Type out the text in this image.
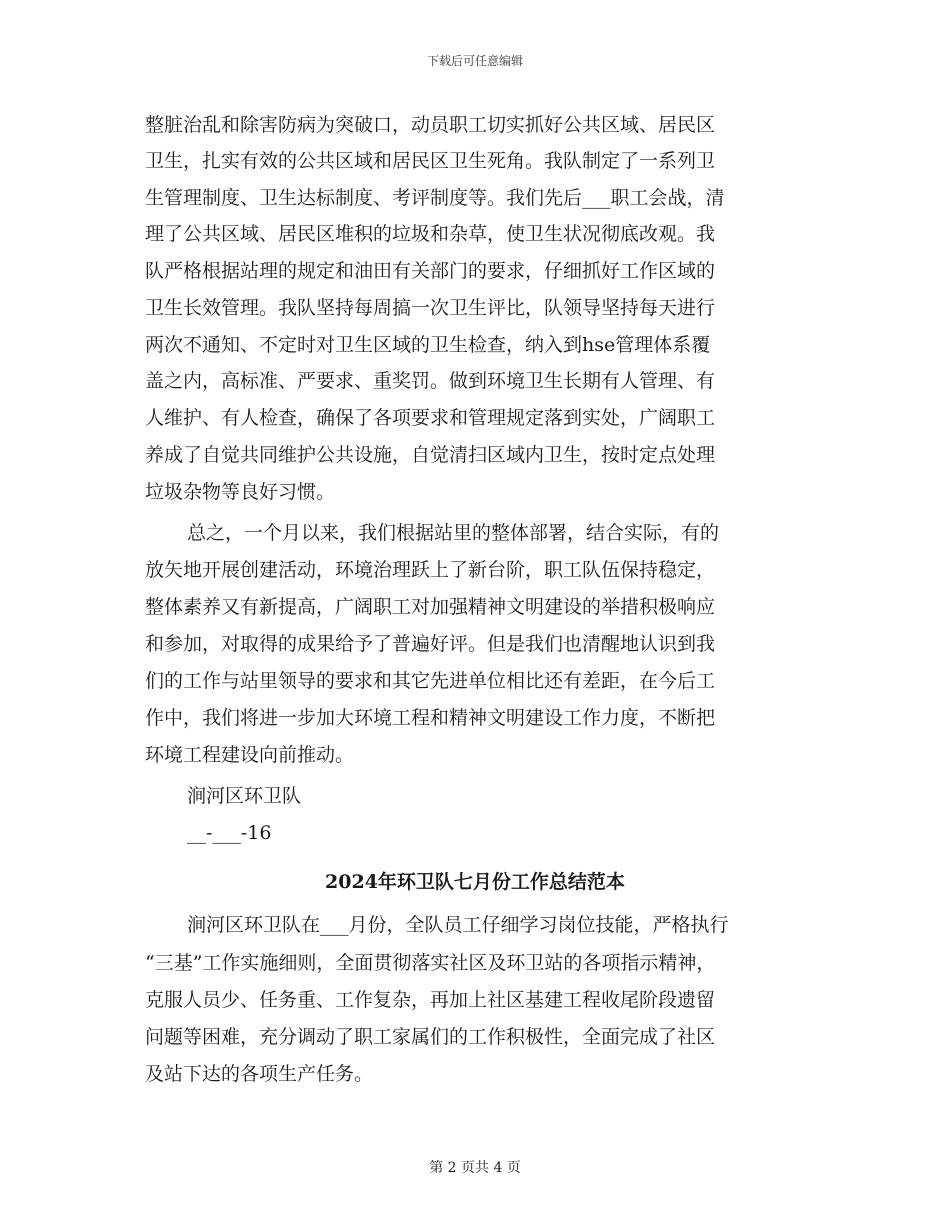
下载后可任意编辑
整脏治乱和除害防病为突破口，动员职工切实抓好公共区域、居民区
卫生，扎实有效的公共区域和居民区卫生死角。我队制定了一系列卫
生管理制度、卫生达标制度、考评制度等。我们先后___职工会战，清
理了公共区域、居民区堆积的垃圾和杂草，使卫生状况彻底改观。我
队严格根据站理的规定和油田有关部门的要求，仔细抓好工作区域的
卫生长效管理。我队坚持每周搞一次卫生评比，队领导坚持每天进行
两次不通知、不定时对卫生区域的卫生检查，纳入到hse管理体系覆
盖之内，高标准、严要求、重奖罚。做到环境卫生长期有人管理、有
人维护、有人检查，确保了各项要求和管理规定落到实处，广阔职工
养成了自觉共同维护公共设施，自觉清扫区域内卫生，按时定点处理
垃圾杂物等良好习惯。
总之，一个月以来，我们根据站里的整体部署，结合实际，有的
放矢地开展创建活动，环境治理跃上了新台阶，职工队伍保持稳定，
整体素养又有新提高，广阔职工对加强精神文明建设的举措积极响应
和参加，对取得的成果给予了普遍好评。但是我们也清醒地认识到我
们的工作与站里领导的要求和其它先进单位相比还有差距，在今后工
作中，我们将进一步加大环境工程和精神文明建设工作力度，不断把
环境工程建设向前推动。
涧河区环卫队
__-___-16
2024年环卫队七月份工作总结范本
涧河区环卫队在___月份，全队员工仔细学习岗位技能，严格执行
“三基”工作实施细则，全面贯彻落实社区及环卫站的各项指示精神，
克服人员少、任务重、工作复杂，再加上社区基建工程收尾阶段遗留
问题等困难，充分调动了职工家属们的工作积极性，全面完成了社区
及站下达的各项生产任务。
第 2 页共 4 页
